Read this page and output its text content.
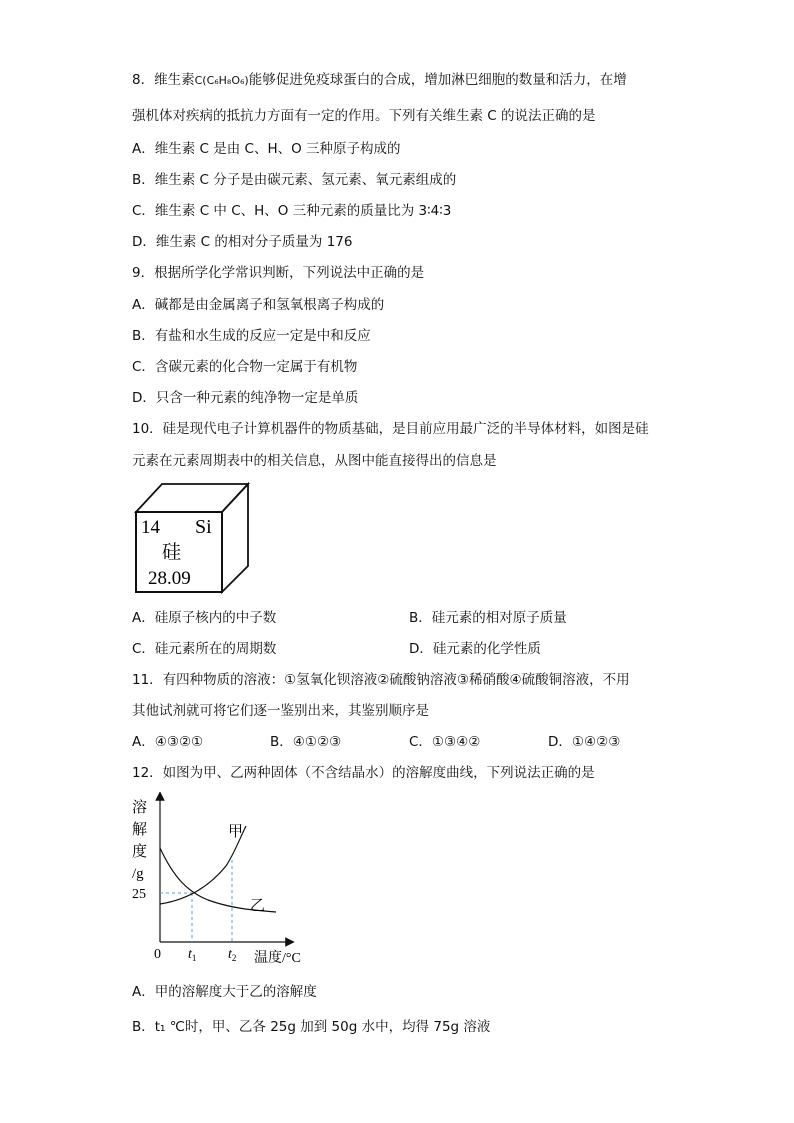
8．维生素C(C₆H₈O₆)能够促进免疫球蛋白的合成，增加淋巴细胞的数量和活力，在增
强机体对疾病的抵抗力方面有一定的作用。下列有关维生素 C 的说法正确的是
A．维生素 C 是由 C、H、O 三种原子构成的
B．维生素 C 分子是由碳元素、氢元素、氧元素组成的
C．维生素 C 中 C、H、O 三种元素的质量比为 3∶4∶3
D．维生素 C 的相对分子质量为 176
9．根据所学化学常识判断，下列说法中正确的是
A．碱都是由金属离子和氢氧根离子构成的
B．有盐和水生成的反应一定是中和反应
C．含碳元素的化合物一定属于有机物
D．只含一种元素的纯净物一定是单质
10．硅是现代电子计算机器件的物质基础，是目前应用最广泛的半导体材料，如图是硅
元素在元素周期表中的相关信息，从图中能直接得出的信息是
14 Si
硅
28.09
A．硅原子核内的中子数	B．硅元素的相对原子质量
C．硅元素所在的周期数	D．硅元素的化学性质
11．有四种物质的溶液：①氢氧化钡溶液②硫酸钠溶液③稀硝酸④硫酸铜溶液，不用
其他试剂就可将它们逐一鉴别出来，其鉴别顺序是
A．④③②①	B．④①②③	C．①③④②	D．①④②③
12．如图为甲、乙两种固体（不含结晶水）的溶解度曲线，下列说法正确的是
溶
解
度
/g
甲
乙
25
0 $t_1$ $t_2$ 温度/°C
A．甲的溶解度大于乙的溶解度
B．t₁ ℃时，甲、乙各 25g 加到 50g 水中，均得 75g 溶液
